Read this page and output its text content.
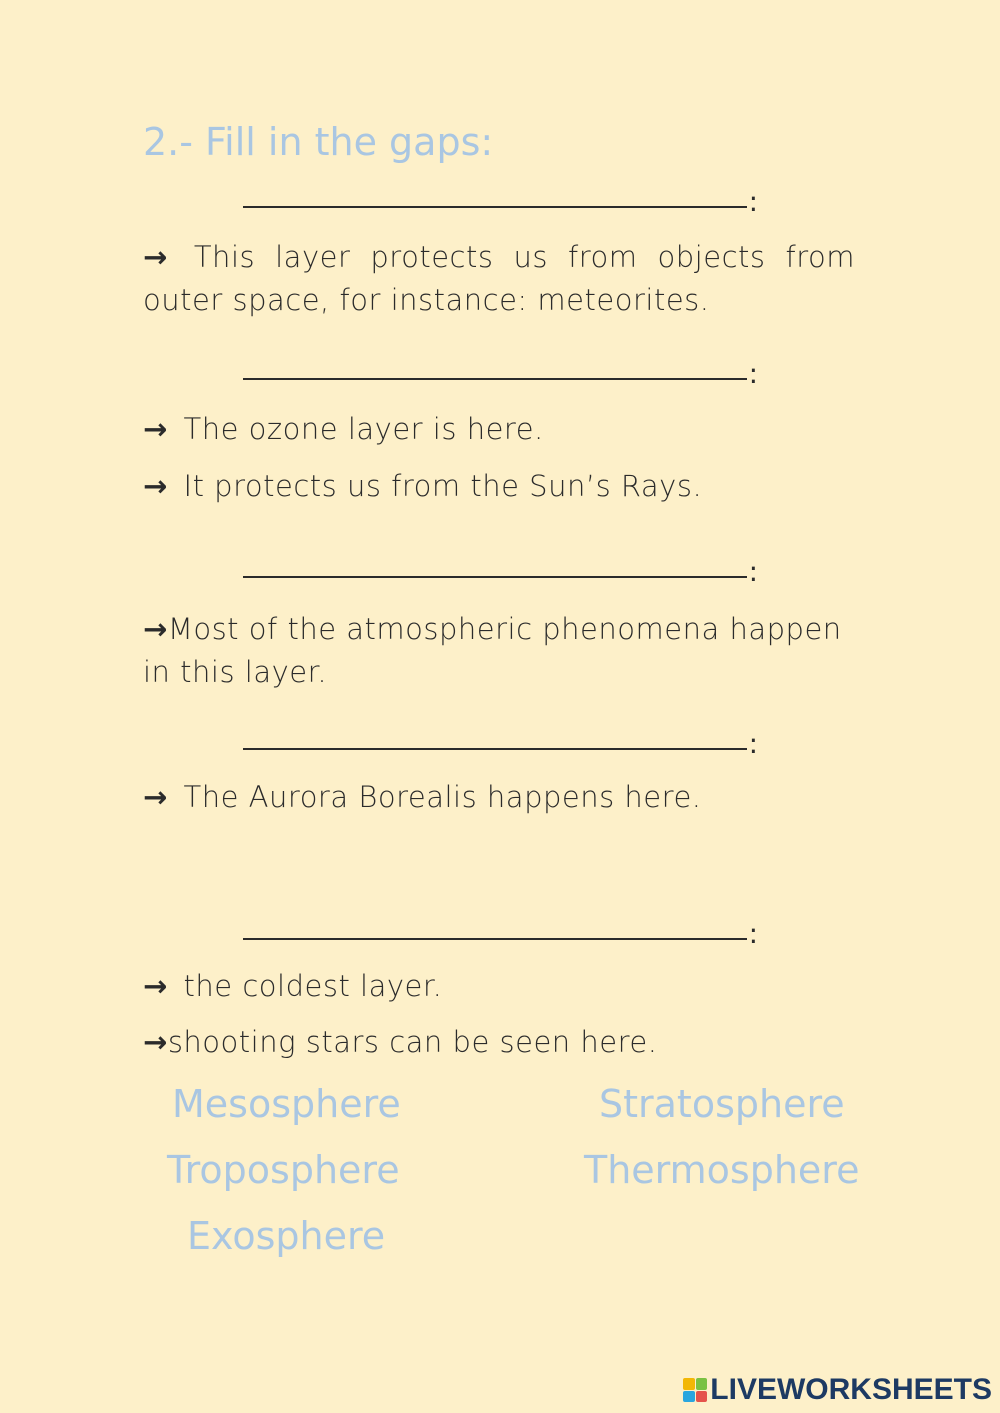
2.- Fill in the gaps:
:
→ This layer protects us from objects from outer space, for instance: meteorites.
:
→ The ozone layer is here.
→ It protects us from the Sun’s Rays.
:
→Most of the atmospheric phenomena happen in this layer.
:
→ The Aurora Borealis happens here.
:
→ the coldest layer.
→shooting stars can be seen here.
Mesosphere	Stratosphere
Troposphere	Thermosphere
Exosphere
LIVEWORKSHEETS
